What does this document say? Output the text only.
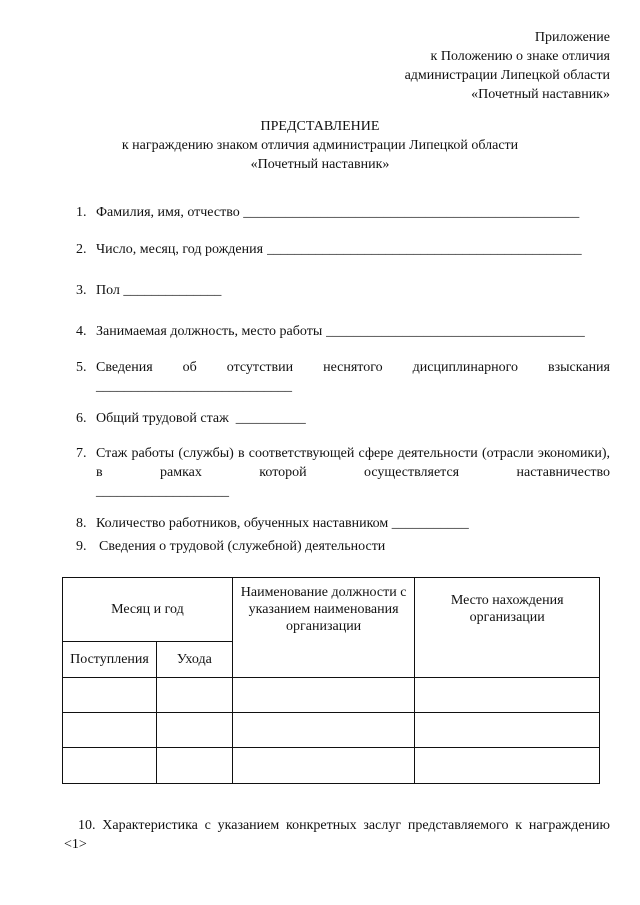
Приложение
к Положению о знаке отличия
администрации Липецкой области
«Почетный наставник»
ПРЕДСТАВЛЕНИЕ
к награждению знаком отличия администрации Липецкой области
«Почетный наставник»
1. Фамилия, имя, отчество
________________________________________________
2. Число, месяц, год рождения
_____________________________________________
3. Пол ______________
4. Занимаемая должность, место работы
_____________________________________
5. Сведения об отсутствии неснятого дисциплинарного взыскания
____________________________
6. Общий трудовой стаж __________
7. Стаж работы (службы) в соответствующей сфере деятельности (отрасли экономики), в рамках которой осуществляется наставничество
___________________
8. Количество работников, обученных наставником ___________
9. Сведения о трудовой (служебной) деятельности
Месяц и год		Наименование должности с указанием наименования организации	Место нахождения организации
Поступления	Ухода		

10. Характеристика с указанием конкретных заслуг представляемого к награждению <1>
